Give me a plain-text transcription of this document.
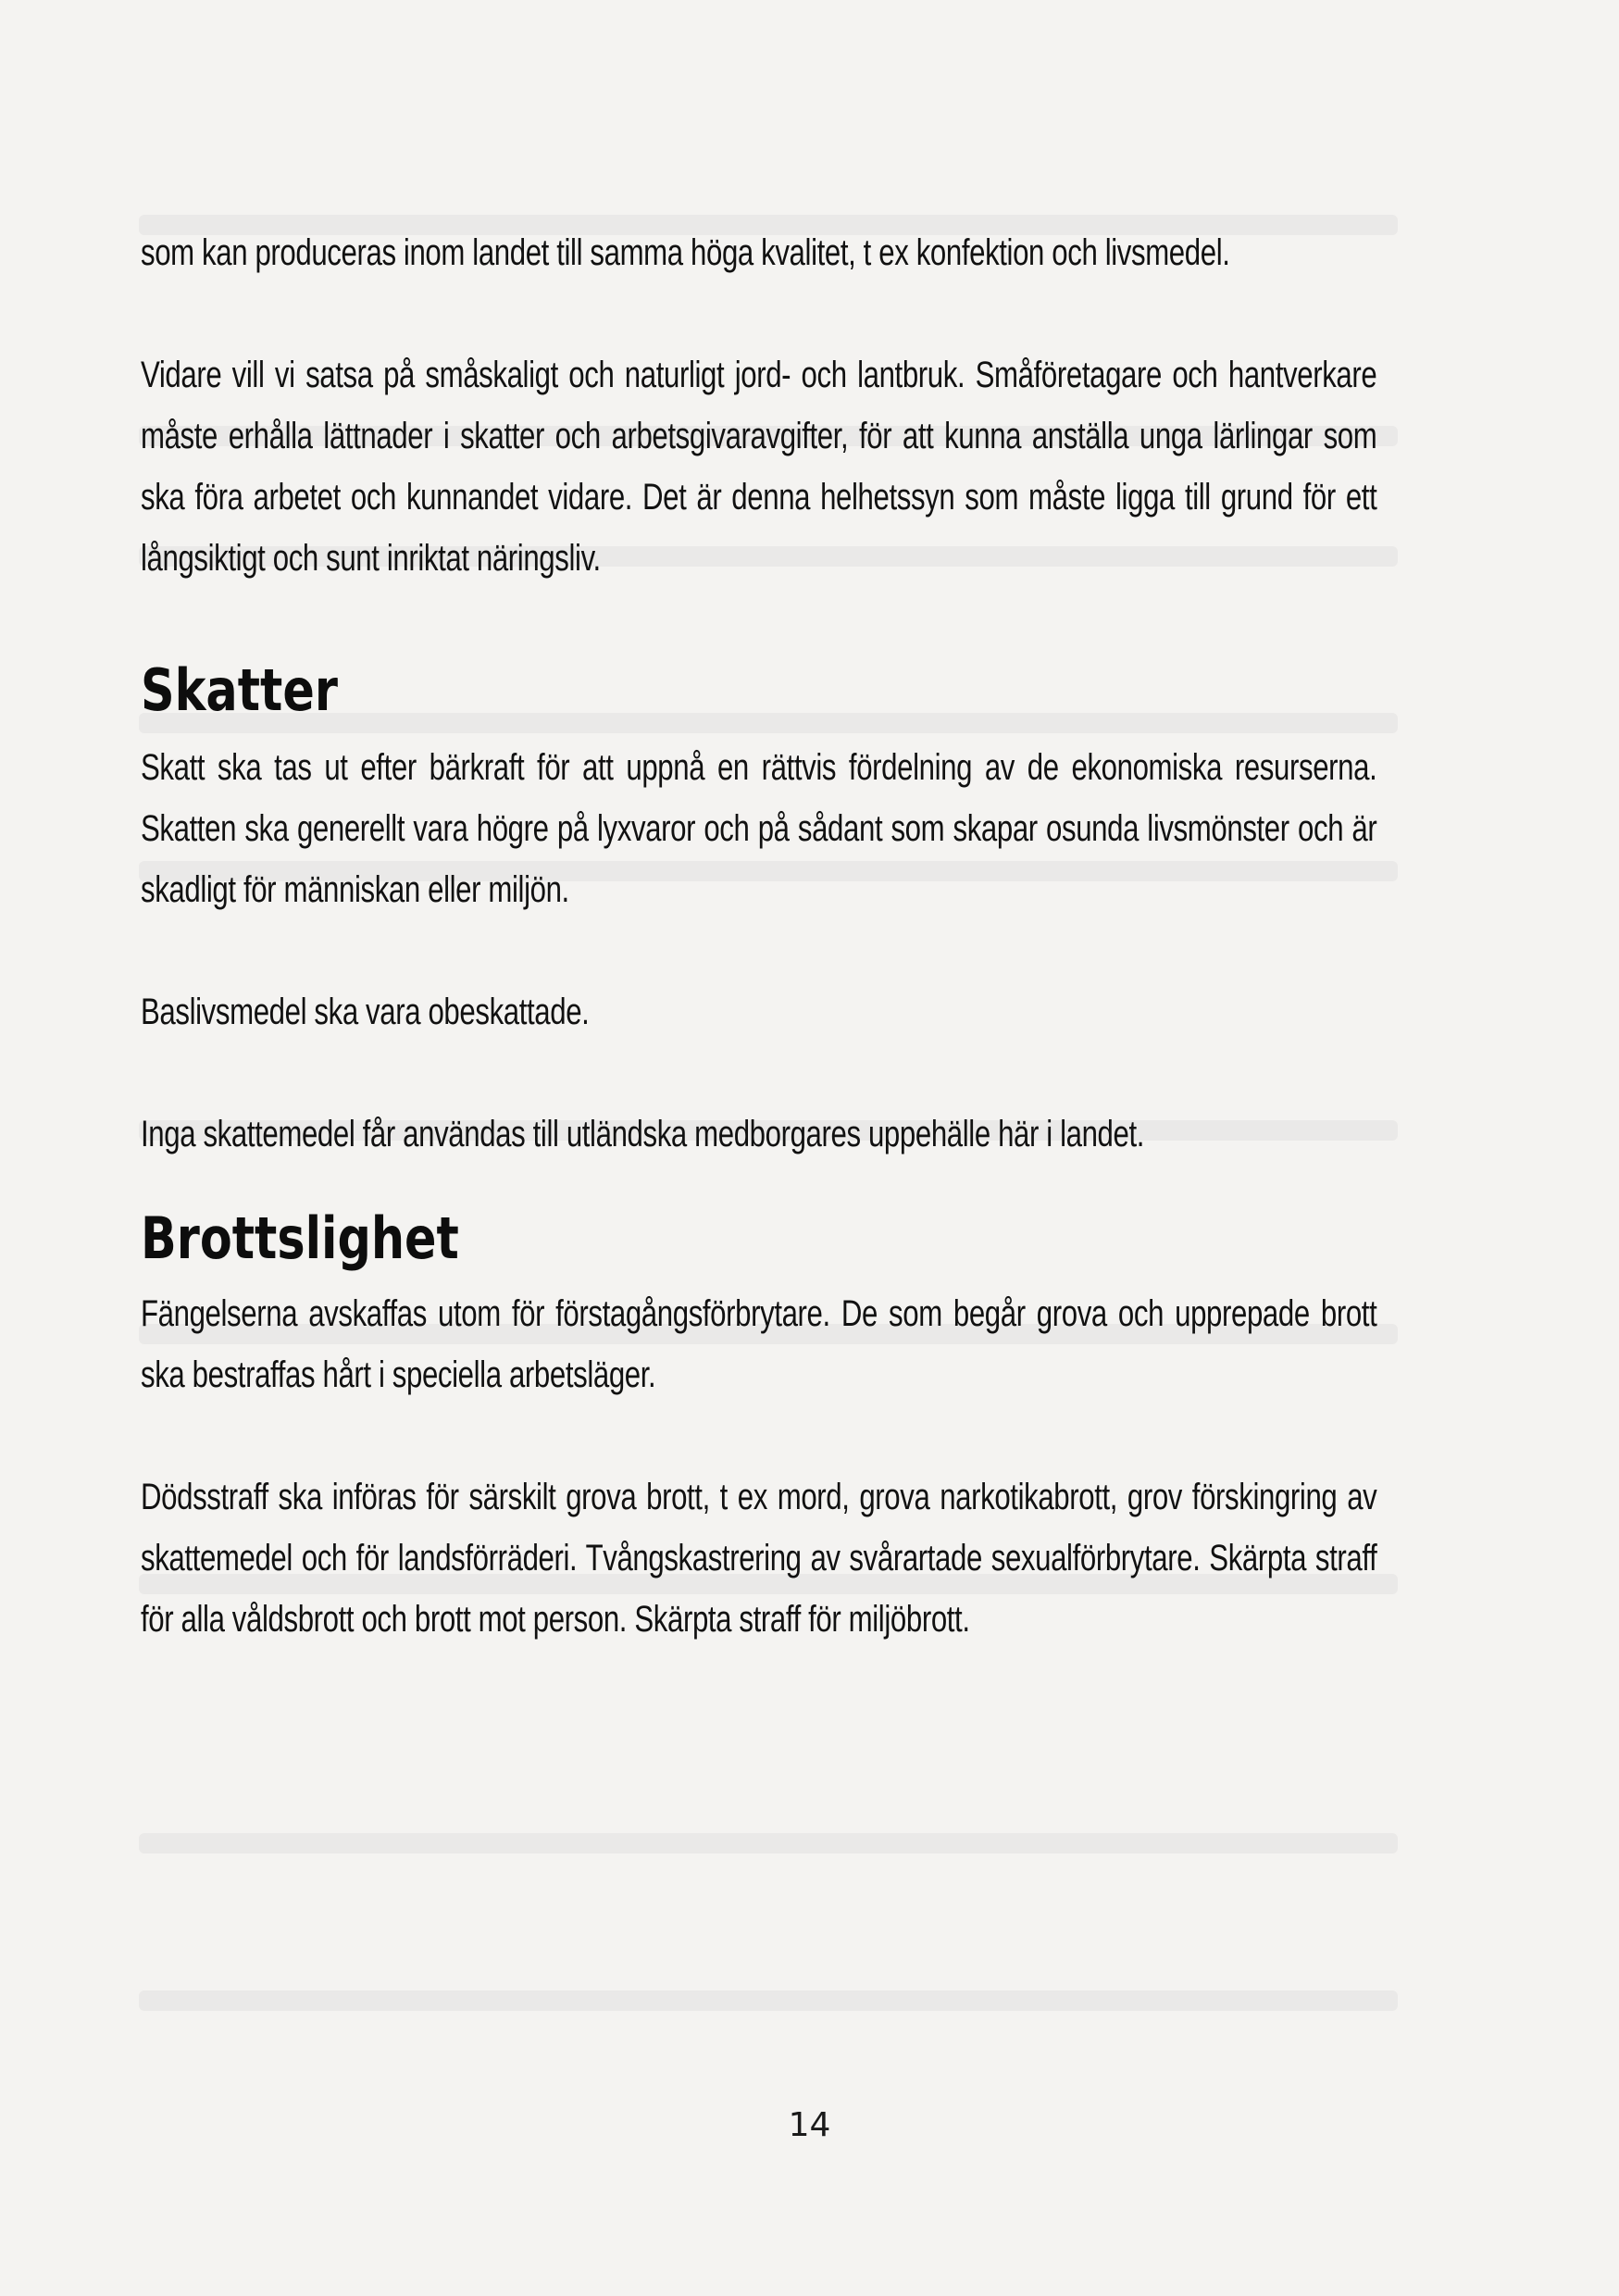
som kan produceras inom landet till samma höga kvalitet, t ex konfektion och livsmedel.

Vidare vill vi satsa på småskaligt och naturligt jord- och lantbruk. Småföretagare och hantverkare måste erhålla lättnader i skatter och arbetsgivaravgifter, för att kunna anställa unga lärlingar som ska föra arbetet och kunnandet vidare. Det är denna helhetssyn som måste ligga till grund för ett långsiktigt och sunt inriktat näringsliv.

Skatter

Skatt ska tas ut efter bärkraft för att uppnå en rättvis fördelning av de ekonomiska resurserna. Skatten ska generellt vara högre på lyxvaror och på sådant som skapar osunda livsmönster och är skadligt för människan eller miljön.

Baslivsmedel ska vara obeskattade.

Inga skattemedel får användas till utländska medborgares uppehälle här i landet.

Brottslighet

Fängelserna avskaffas utom för förstagångsförbrytare. De som begår grova och upprepade brott ska bestraffas hårt i speciella arbetsläger.

Dödsstraff ska införas för särskilt grova brott, t ex mord, grova narkotikabrott, grov förskingring av skattemedel och för landsförräderi. Tvångskastrering av svårartade sexualförbrytare. Skärpta straff för alla våldsbrott och brott mot person. Skärpta straff för miljöbrott.

14
